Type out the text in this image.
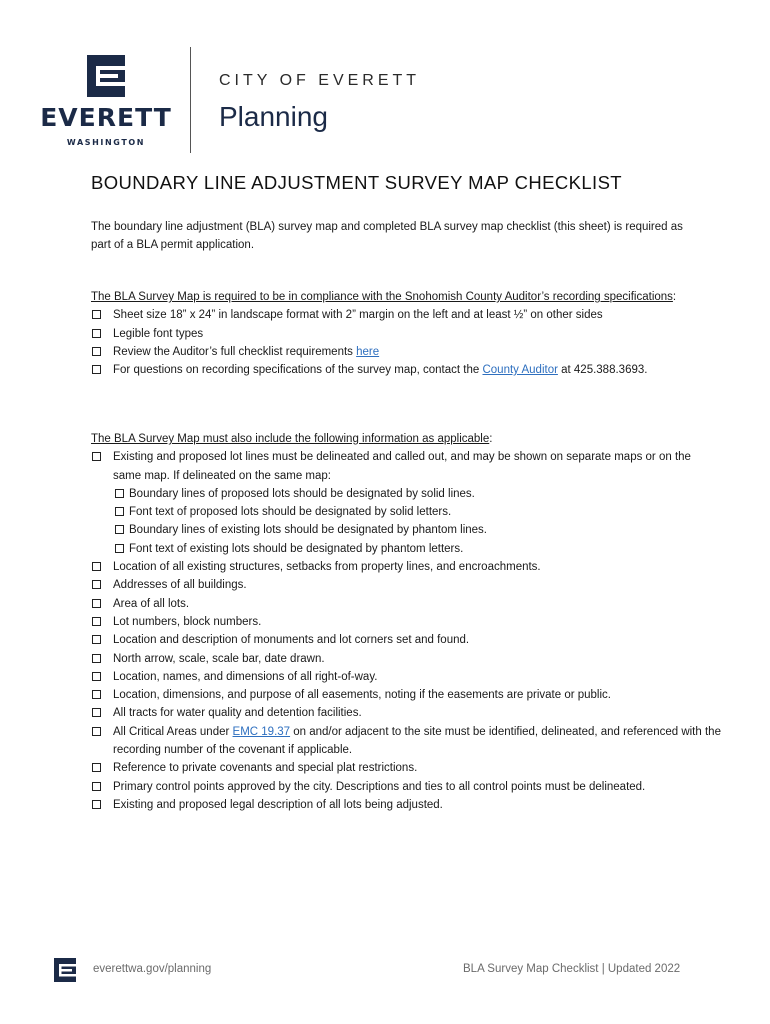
EVERETT
WASHINGTON
CITY OF EVERETT
Planning
BOUNDARY LINE ADJUSTMENT SURVEY MAP CHECKLIST
The boundary line adjustment (BLA) survey map and completed BLA survey map checklist (this sheet) is required as part of a BLA permit application.
The BLA Survey Map is required to be in compliance with the Snohomish County Auditor’s recording specifications:
Sheet size 18” x 24” in landscape format with 2” margin on the left and at least ½” on other sides
Legible font types
Review the Auditor’s full checklist requirements here
For questions on recording specifications of the survey map, contact the County Auditor at 425.388.3693.
The BLA Survey Map must also include the following information as applicable:
Existing and proposed lot lines must be delineated and called out, and may be shown on separate maps or on the same map. If delineated on the same map:
Boundary lines of proposed lots should be designated by solid lines.
Font text of proposed lots should be designated by solid letters.
Boundary lines of existing lots should be designated by phantom lines.
Font text of existing lots should be designated by phantom letters.
Location of all existing structures, setbacks from property lines, and encroachments.
Addresses of all buildings.
Area of all lots.
Lot numbers, block numbers.
Location and description of monuments and lot corners set and found.
North arrow, scale, scale bar, date drawn.
Location, names, and dimensions of all right-of-way.
Location, dimensions, and purpose of all easements, noting if the easements are private or public.
All tracts for water quality and detention facilities.
All Critical Areas under EMC 19.37 on and/or adjacent to the site must be identified, delineated, and referenced with the recording number of the covenant if applicable.
Reference to private covenants and special plat restrictions.
Primary control points approved by the city. Descriptions and ties to all control points must be delineated.
Existing and proposed legal description of all lots being adjusted.
everettwa.gov/planning	BLA Survey Map Checklist | Updated 2022
